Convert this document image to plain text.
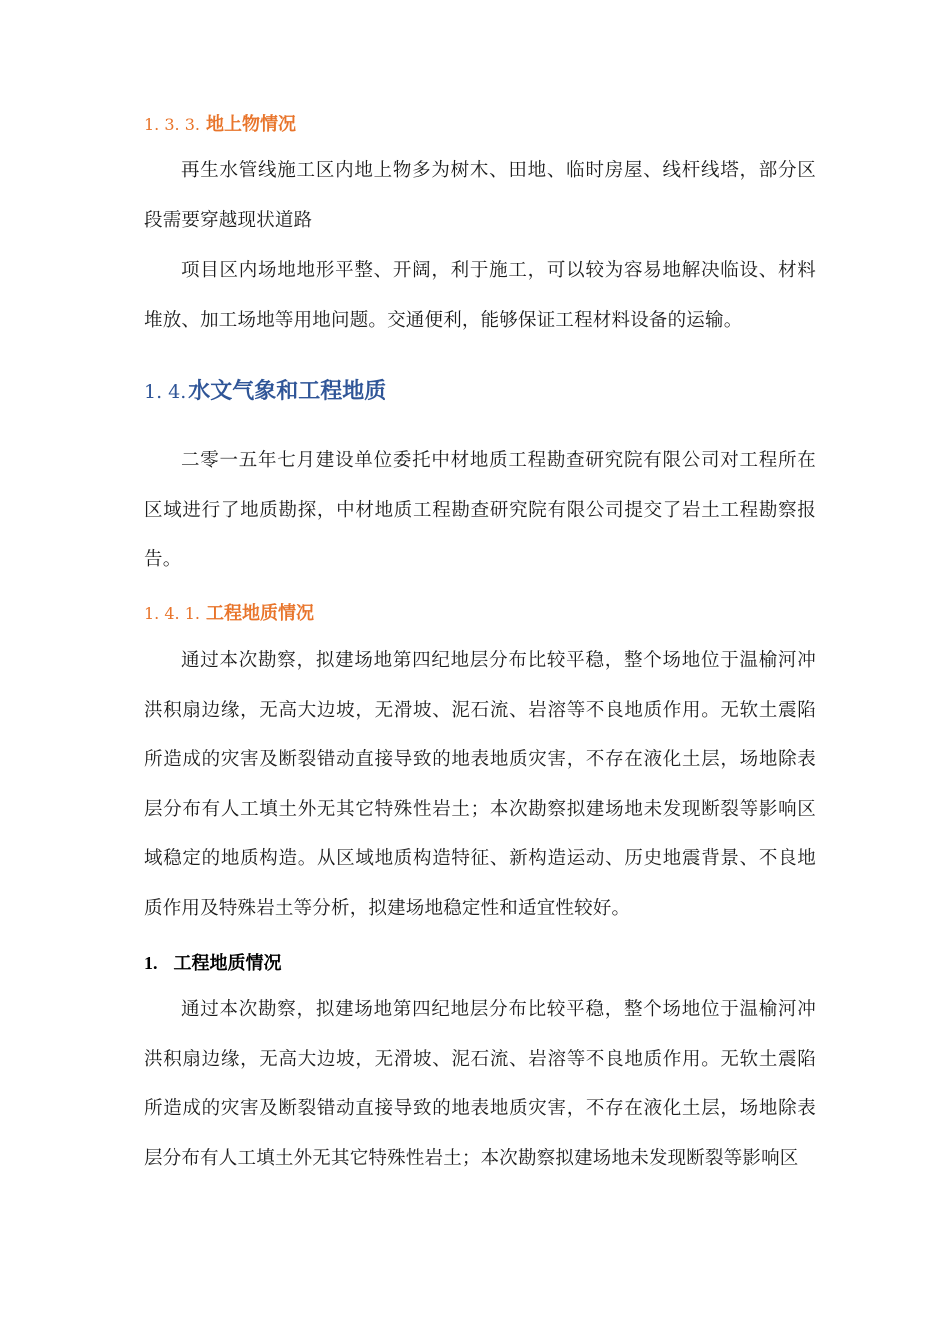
1. 3. 3. 地上物情况
再生水管线施工区内地上物多为树木、田地、临时房屋、线杆线塔，部分区段需要穿越现状道路
项目区内场地地形平整、开阔，利于施工，可以较为容易地解决临设、材料堆放、加工场地等用地问题。交通便利，能够保证工程材料设备的运输。
1. 4.水文气象和工程地质
二零一五年七月建设单位委托中材地质工程勘查研究院有限公司对工程所在区域进行了地质勘探，中材地质工程勘查研究院有限公司提交了岩土工程勘察报告。
1. 4. 1. 工程地质情况
通过本次勘察，拟建场地第四纪地层分布比较平稳，整个场地位于温榆河冲洪积扇边缘，无高大边坡，无滑坡、泥石流、岩溶等不良地质作用。无软土震陷所造成的灾害及断裂错动直接导致的地表地质灾害，不存在液化土层，场地除表层分布有人工填土外无其它特殊性岩土；本次勘察拟建场地未发现断裂等影响区域稳定的地质构造。从区域地质构造特征、新构造运动、历史地震背景、不良地质作用及特殊岩土等分析，拟建场地稳定性和适宜性较好。
1. 工程地质情况
通过本次勘察，拟建场地第四纪地层分布比较平稳，整个场地位于温榆河冲洪积扇边缘，无高大边坡，无滑坡、泥石流、岩溶等不良地质作用。无软土震陷所造成的灾害及断裂错动直接导致的地表地质灾害，不存在液化土层，场地除表层分布有人工填土外无其它特殊性岩土；本次勘察拟建场地未发现断裂等影响区
